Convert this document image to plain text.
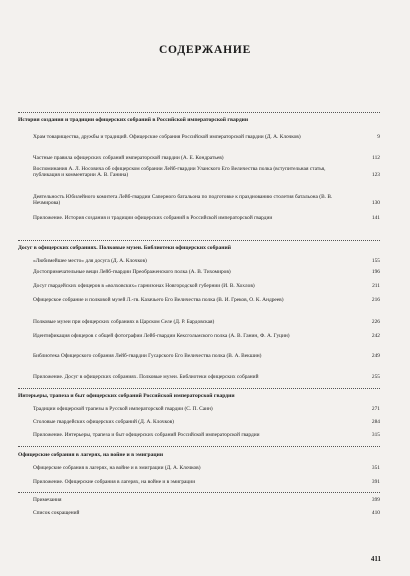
СОДЕРЖАНИЕ
История создания и традиции офицерских собраний в Российской императорской гвардии
Храм товарищества, дружбы и традиций. Офицерские собрания Российской императорской гвардии (Д. А. Клочков)	9
Частные правила офицерских собраний императорской гвардии (А. Е. Кондратьев)	112
Воспоминания А. Л. Носовича об офицерском собрании Лейб-гвардии Уланского Его Величества полка (вступительная статья, публикация и комментарии А. В. Ганина)	123
Деятельность Юбилейного комитета Лейб-гвардии Саперного батальона по подготовке к празднованию столетия батальона (В. В. Нечмирова)	130
Приложение. История создания и традиции офицерских собраний в Российской императорской гвардии	141
Досуг в офицерских собраниях. Полковые музеи. Библиотеки офицерских собраний
«Любимейшее место» для досуга (Д. А. Клочков)	155
Достопримечательные вещи Лейб-гвардии Преображенского полка (А. В. Тихомиров)	196
Досуг гвардейских офицеров в «волховских» гарнизонах Новгородской губернии (И. В. Хохлов)	211
Офицерское собрание и полковой музей Л.-гв. Казачьего Его Величества полка (В. И. Греков, О. К. Андреев)	216
Полковые музеи при офицерских собраниях в Царском Селе (Д. Р. Бардовская)	226
Идентификация офицеров с общей фотографии Лейб-гвардии Кексгольмского полка (А. В. Ганин, Ф. А. Гуцин)	242
Библиотека Офицерского собрания Лейб-гвардии Гусарского Его Величества полка (В. А. Векшин)	249
Приложение. Досуг в офицерских собраниях. Полковые музеи. Библиотеки офицерских собраний	255
Интерьеры, трапеза и быт офицерских собраний Российской императорской гвардии
Традиции офицерской трапезы в Русской императорской гвардии (С. П. Саин)	271
Столовые гвардейских офицерских собраний (Д. А. Клочков)	284
Приложение. Интерьеры, трапеза и быт офицерских собраний Российской императорской гвардии	315
Офицерские собрания в лагерях, на войне и в эмиграции
Офицерские собрания в лагерях, на войне и в эмиграции (Д. А. Клочков)	351
Приложение. Офицерские собрания в лагерях, на войне и в эмиграции	391
Примечания	399
Список сокращений	410
411
